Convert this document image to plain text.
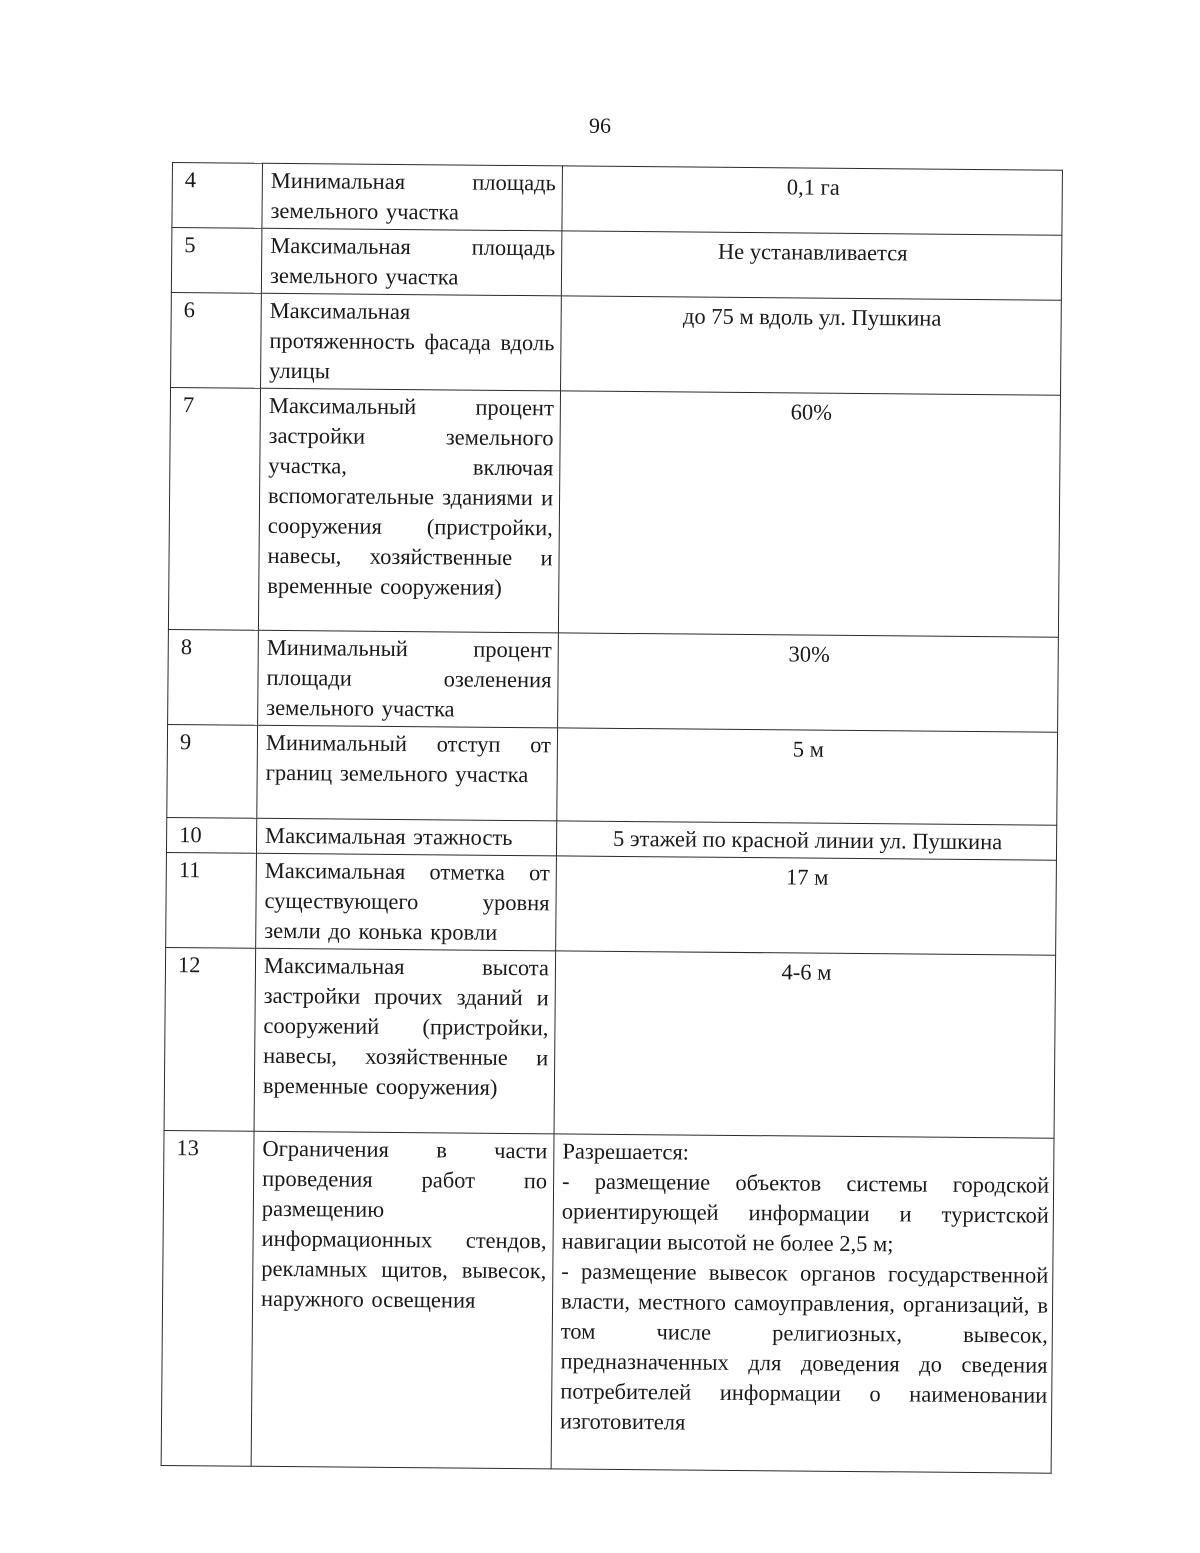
96
4	Минимальная площадь земельного участка	0,1 га
5	Максимальная площадь земельного участка	Не устанавливается
6	Максимальная протяженность фасада вдоль улицы	до 75 м вдоль ул. Пушкина
7	Максимальный процент застройки земельного участка, включая вспомогательные зданиями и сооружения (пристройки, навесы, хозяйственные и временные сооружения)	60%
8	Минимальный процент площади озеленения земельного участка	30%
9	Минимальный отступ от границ земельного участка	5 м
10	Максимальная этажность	5 этажей по красной линии ул. Пушкина
11	Максимальная отметка от существующего уровня земли до конька кровли	17 м
12	Максимальная высота застройки прочих зданий и сооружений (пристройки, навесы, хозяйственные и временные сооружения)	4-6 м
13	Ограничения в части проведения работ по размещению информационных стендов, рекламных щитов, вывесок, наружного освещения	Разрешается:
- размещение объектов системы городской ориентирующей информации и туристской навигации высотой не более 2,5 м;
- размещение вывесок органов государственной власти, местного самоуправления, организаций, в том числе религиозных, вывесок, предназначенных для доведения до сведения потребителей информации о наименовании изготовителя
